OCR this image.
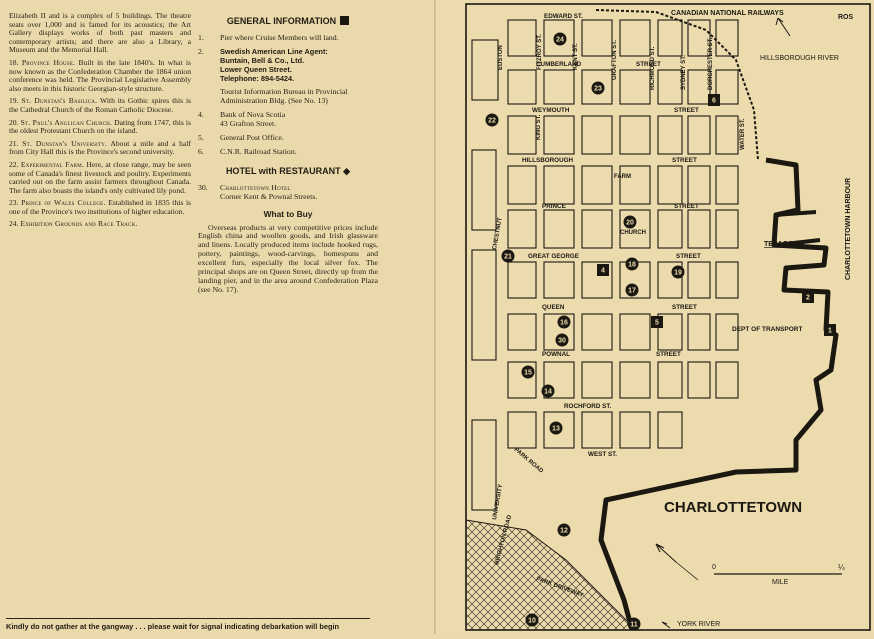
Elizabeth II and is a complex of 5 buildings. The theatre seats over 1,000 and is famed for its acoustics; the Art Gallery displays works of both past masters and contemporary artists; and there are also a Library, a Museum and the Memorial Hall.

18. Province House. Built in the late 1840's. In what is now known as the Confederation Chamber the 1864 union conference was held. The Provincial Legislative Assembly also meets in this historic Georgian-style structure.

19. St. Dunstan's Basilica. With its Gothic spires this is the Cathedral Church of the Roman Catholic Diocese.

20. St. Paul's Anglican Church. Dating from 1747, this is the oldest Protestant Church on the island.

21. St. Dunstan's University. About a mile and a half from City Hall this is the Province's second university.

22. Experimental Farm. Here, at close range, may be seen some of Canada's finest livestock and poultry. Experiments carried out on the farm assist farmers throughout Canada. The farm also boasts the island's only cultivated lily pond.

23. Prince of Wales College. Established in 1835 this is one of the Province's two institutions of higher education.

24. Exhibition Grounds and Race Track.

GENERAL INFORMATION
1.	Pier where Cruise Members will land.
2.	Swedish American Line Agent:
Buntain, Bell & Co., Ltd.
Lower Queen Street.
Telephone: 894-5424.
Tourist Information Bureau in Provincial Administration Bldg. (See No. 13)
4.	Bank of Nova Scotia
43 Grafton Street.
5.	General Post Office.
6.	C.N.R. Railroad Station.
HOTEL with RESTAURANT ◆
30.	Charlottetown Hotel
Corner Kent & Pownal Streets.
What to Buy
Overseas products at very competitive prices include English china and woollen goods, and Irish glassware and linens. Locally produced items include hooked rugs, pottery, paintings, wood-carvings, homespuns and excellent furs, especially the local silver fox. The principal shops are on Queen Street, directly up from the landing pier, and in the area around Confederation Plaza (see No. 17).
Kindly do not gather at the gangway . . . please wait for signal indicating debarkation will begin
CANADIAN NATIONAL RAILWAYS
ROS
HILLSBOROUGH RIVER
CHARLOTTETOWN HARBOUR
TEXACO OIL
DEPT OF TRANSPORT
EDWARD ST.
CUMBERLAND	STREET
WEYMOUTH	STREET
HILLSBOROUGH	STREET
PRINCE	STREET
GREAT GEORGE	STREET
QUEEN	STREET
POWNAL	STREET
ROCHFORD ST.
WEST ST.
FITZROY ST.	KENT ST.	GRAFTON ST.	RICHMOND ST.	SYDNEY ST.	DORCHESTER ST.
WATER ST.
EUSTON
KING ST.
UNIVERSITY
CHESTNUT
PARK ROAD
BRIGHTON ROAD
PARK DRIVEWAY
CHURCH
FARM
10
11
12
13
14
15
16
17
18
19
20
21
22
23
24
30
1
2
4
5
6
CHARLOTTETOWN
0	¼
MILE
YORK RIVER
